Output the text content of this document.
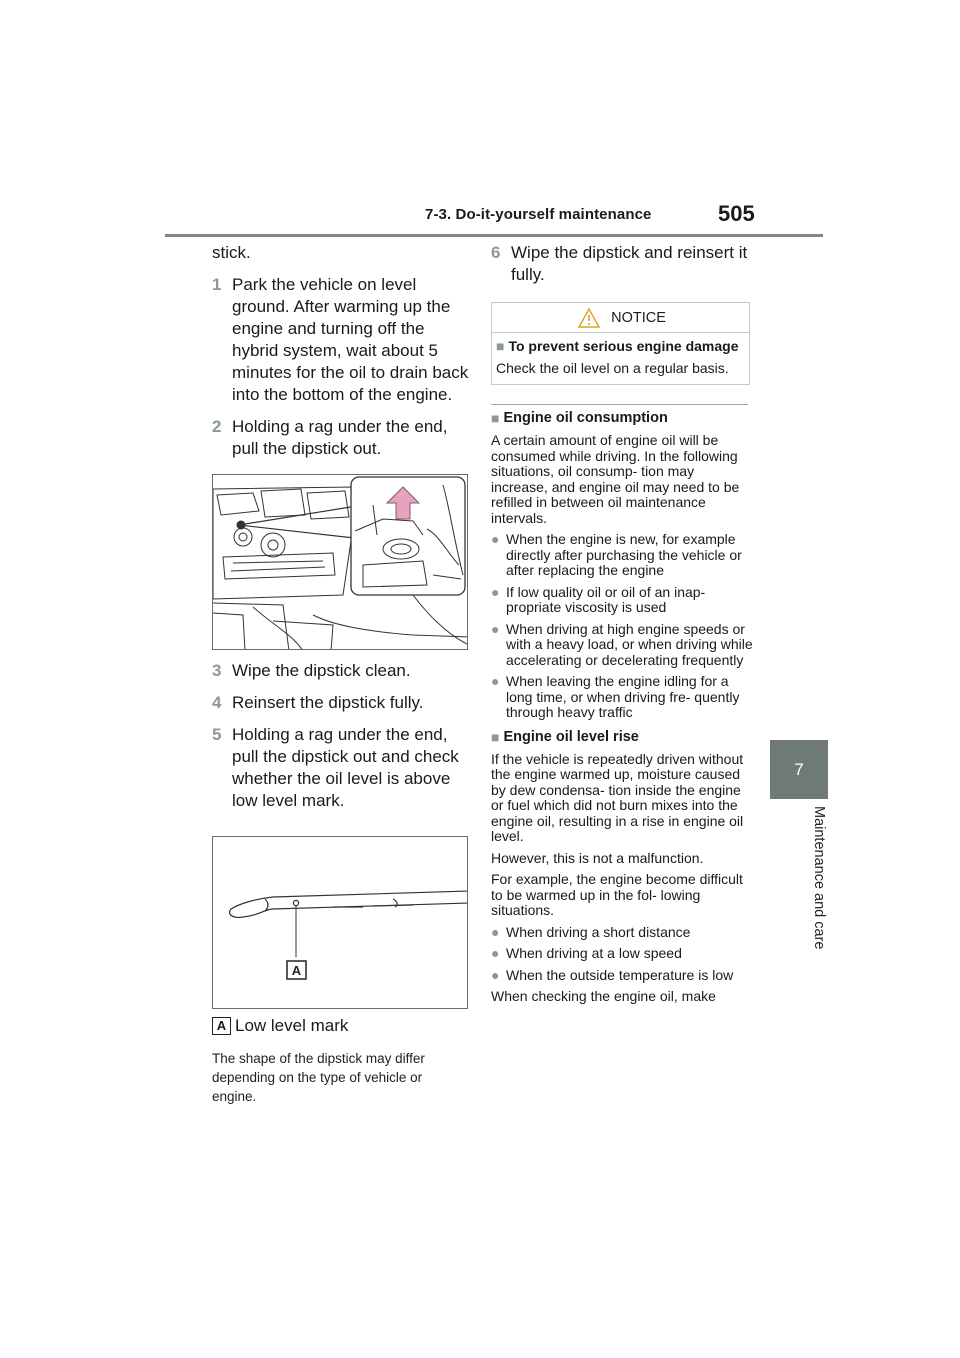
7-3. Do-it-yourself maintenance	505
7
Maintenance and care

stick.

1 Park the vehicle on level ground. After warming up the engine and turning off the hybrid system, wait about 5 minutes for the oil to drain back into the bottom of the engine.
2 Holding a rag under the end, pull the dipstick out.
3 Wipe the dipstick clean.
4 Reinsert the dipstick fully.
5 Holding a rag under the end, pull the dipstick out and check whether the oil level is above low level mark.
A
A Low level mark

The shape of the dipstick may differ depending on the type of vehicle or engine.

6 Wipe the dipstick and reinsert it fully.
NOTICE
■ To prevent serious engine damage

Check the oil level on a regular basis.

■ Engine oil consumption

A certain amount of engine oil will be consumed while driving. In the following situations, oil consump- tion may increase, and engine oil may need to be refilled in between oil maintenance intervals.

● When the engine is new, for example directly after purchasing the vehicle or after replacing the engine
● If low quality oil or oil of an inap- propriate viscosity is used
● When driving at high engine speeds or with a heavy load, or when driving while accelerating or decelerating frequently
● When leaving the engine idling for a long time, or when driving fre- quently through heavy traffic
■ Engine oil level rise

If the vehicle is repeatedly driven without the engine warmed up, moisture caused by dew condensa- tion inside the engine or fuel which did not burn mixes into the engine oil, resulting in a rise in engine oil level.

However, this is not a malfunction.

For example, the engine become difficult to be warmed up in the fol- lowing situations.

● When driving a short distance
● When driving at a low speed
● When the outside temperature is low

When checking the engine oil, make
